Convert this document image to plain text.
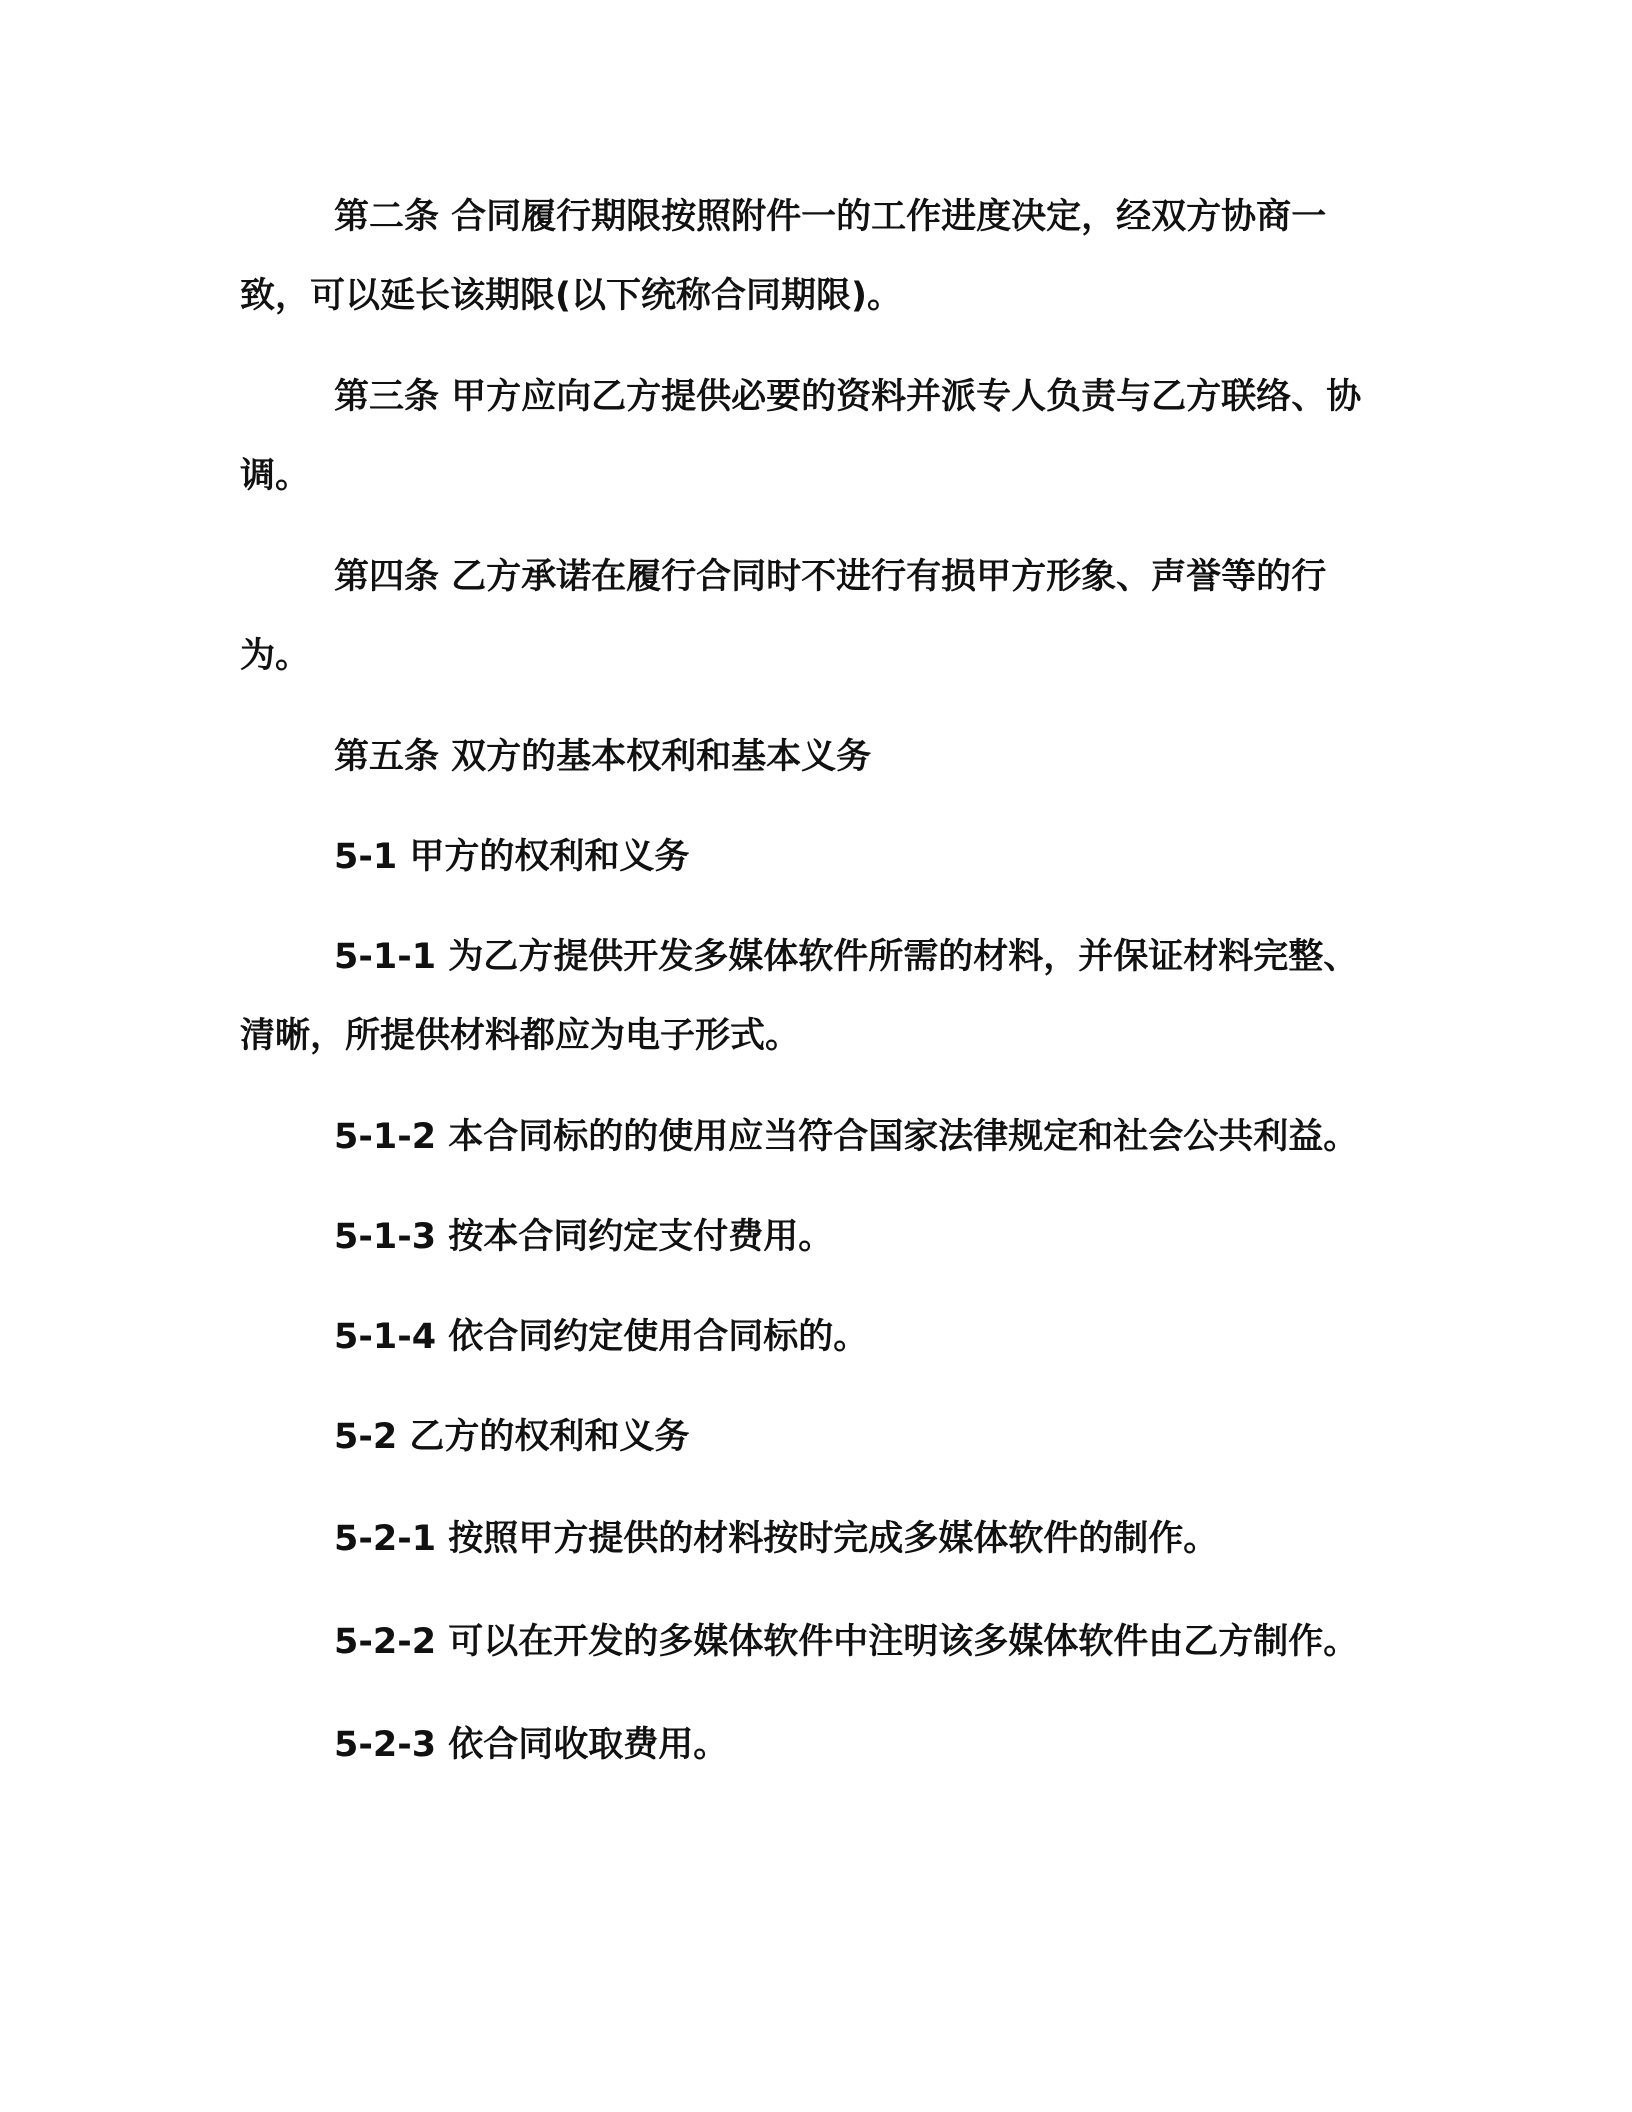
第二条 合同履行期限按照附件一的工作进度决定，经双方协商一致，可以延长该期限(以下统称合同期限)。

第三条 甲方应向乙方提供必要的资料并派专人负责与乙方联络、协调。

第四条 乙方承诺在履行合同时不进行有损甲方形象、声誉等的行为。

第五条 双方的基本权利和基本义务

5-1 甲方的权利和义务

5-1-1 为乙方提供开发多媒体软件所需的材料，并保证材料完整、清晰，所提供材料都应为电子形式。

5-1-2 本合同标的的使用应当符合国家法律规定和社会公共利益。

5-1-3 按本合同约定支付费用。

5-1-4 依合同约定使用合同标的。

5-2 乙方的权利和义务

5-2-1 按照甲方提供的材料按时完成多媒体软件的制作。

5-2-2 可以在开发的多媒体软件中注明该多媒体软件由乙方制作。

5-2-3 依合同收取费用。
